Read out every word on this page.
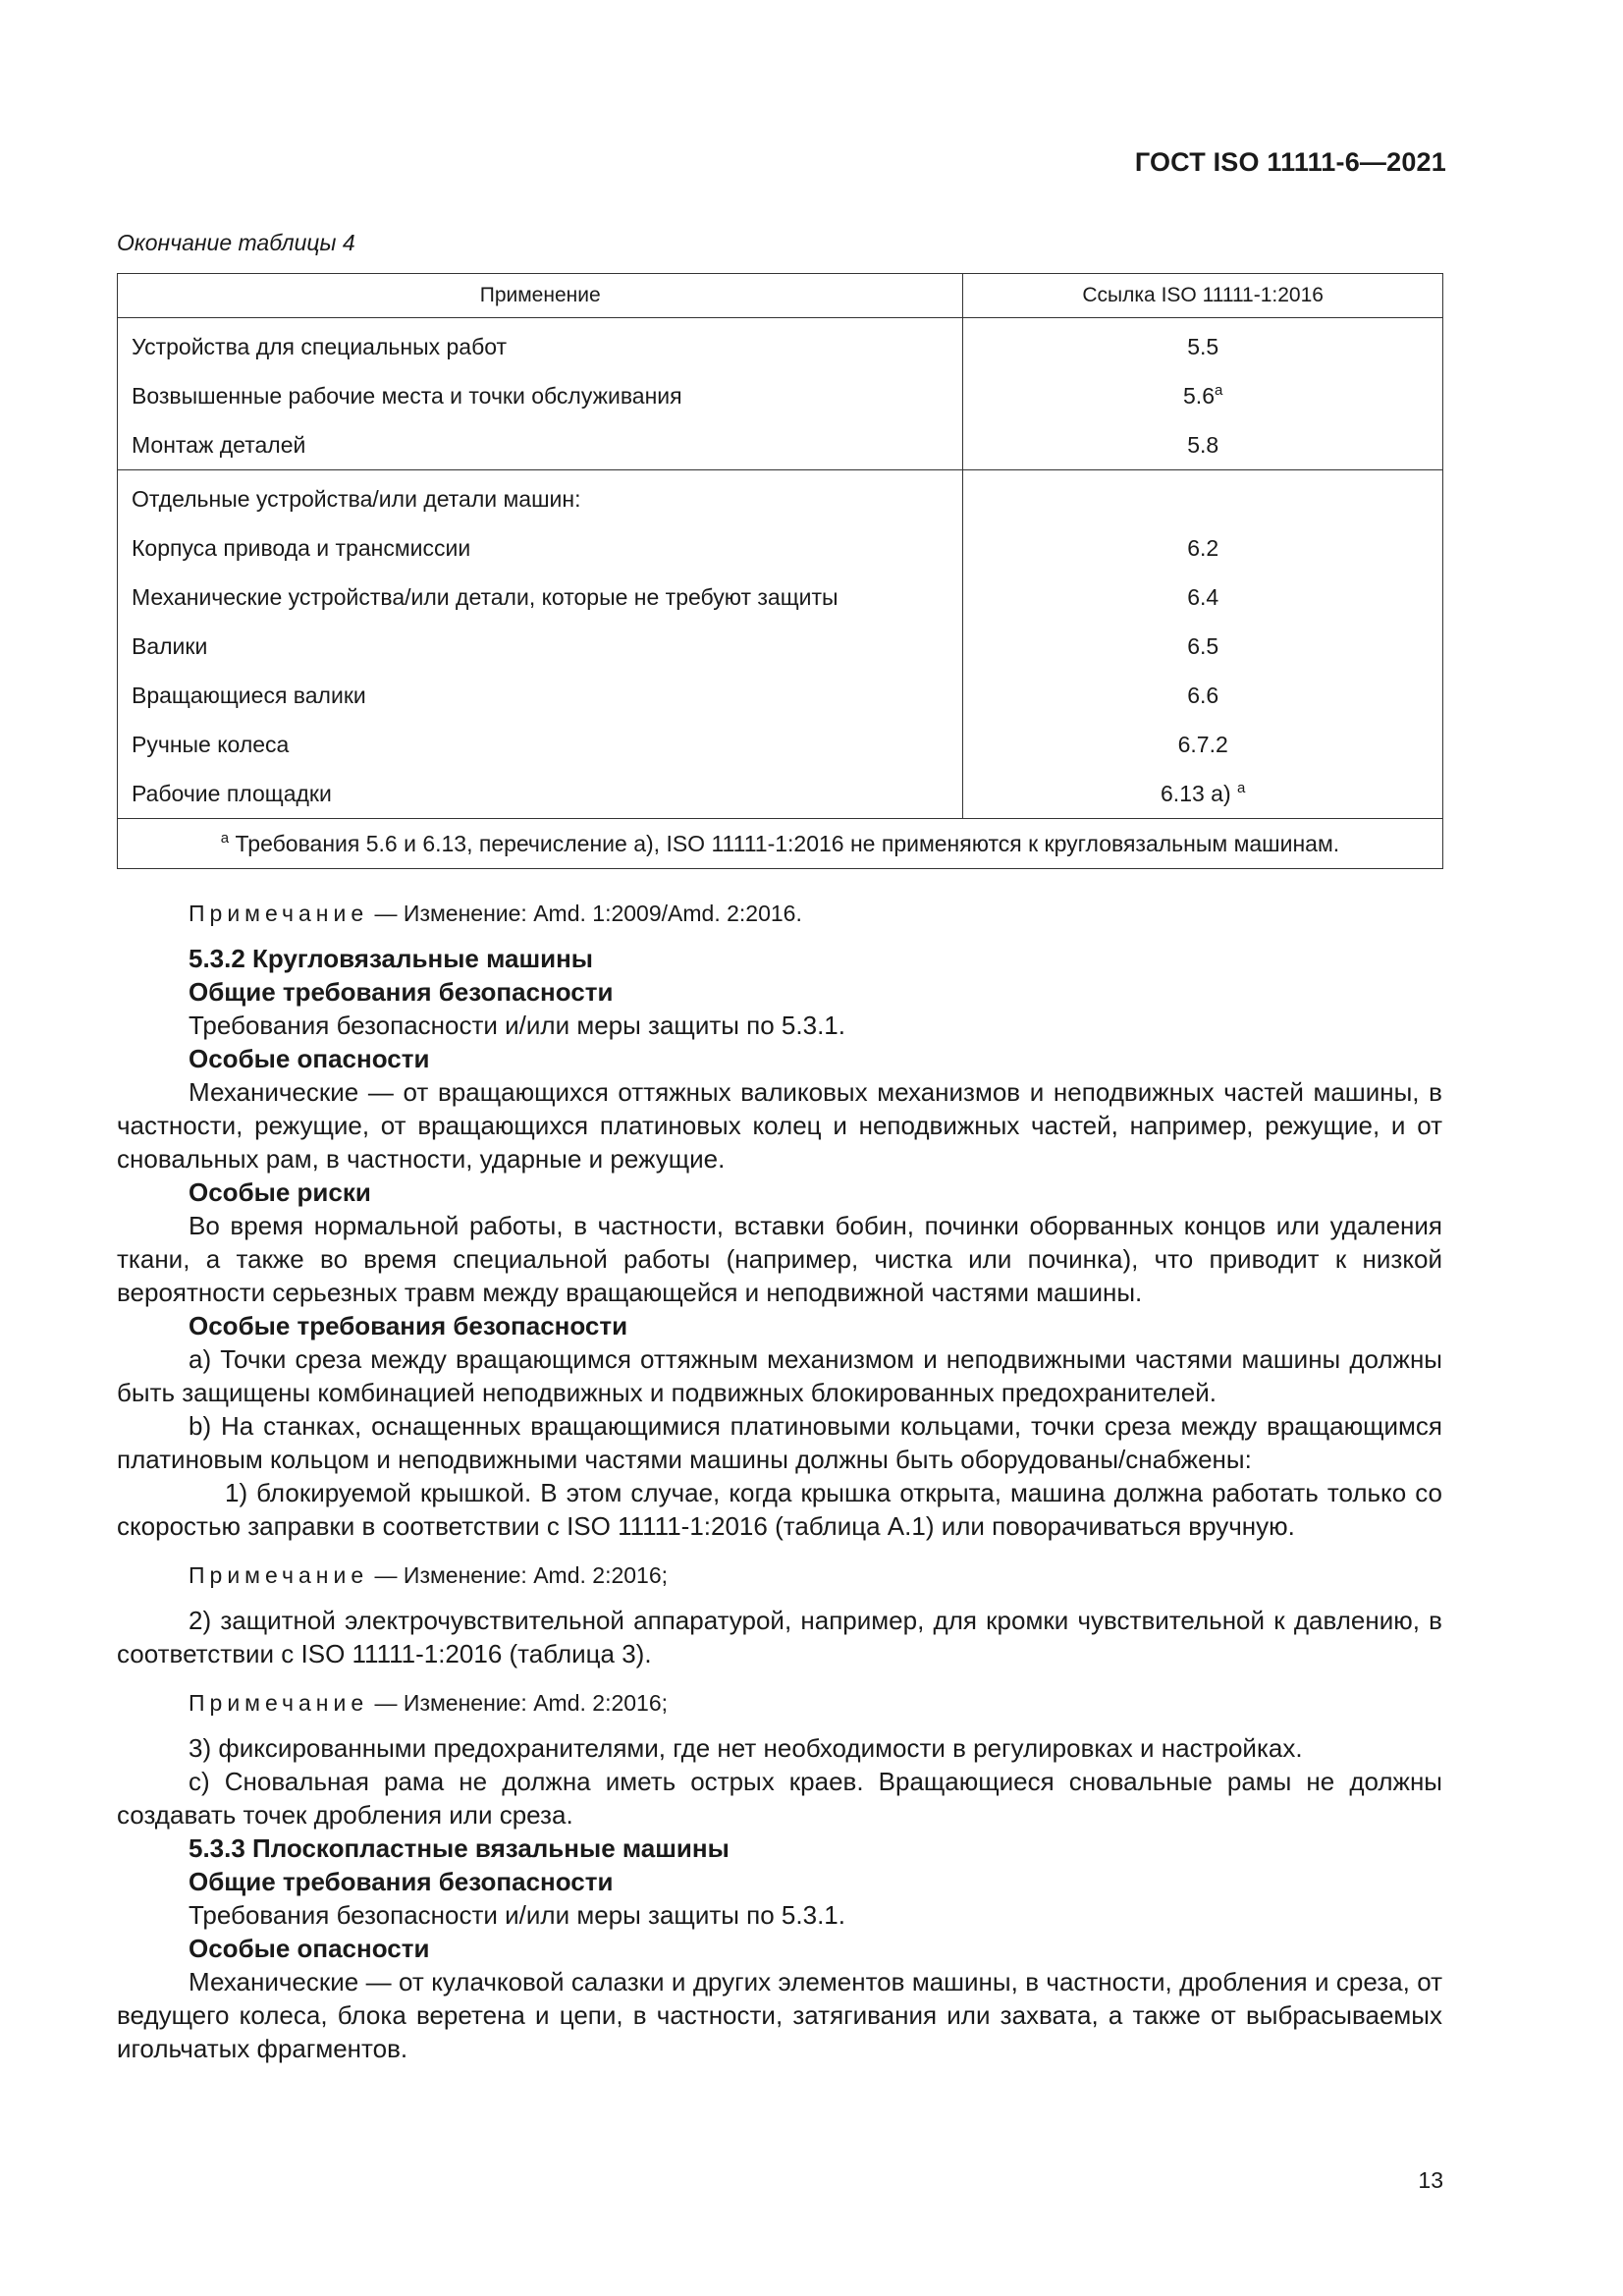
ГОСТ ISO 11111-6—2021
Окончание таблицы 4
Применение	Ссылка ISO 11111-1:2016
Устройства для специальных работ	5.5
Возвышенные рабочие места и точки обслуживания	5.6$^a$
Монтаж деталей	5.8
Отдельные устройства/или детали машин:	
Корпуса привода и трансмиссии	6.2
Механические устройства/или детали, которые не требуют защиты	6.4
Валики	6.5
Вращающиеся валики	6.6
Ручные колеса	6.7.2
Рабочие площадки	6.13 a) $^a$
$^a$ Требования 5.6 и 6.13, перечисление a), ISO 11111-1:2016 не применяются к кругловязальным машинам.	

Примечание — Изменение: Amd. 1:2009/Amd. 2:2016.

5.3.2 Кругловязальные машины

Общие требования безопасности

Требования безопасности и/или меры защиты по 5.3.1.

Особые опасности

Механические — от вращающихся оттяжных валиковых механизмов и неподвижных частей машины, в частности, режущие, от вращающихся платиновых колец и неподвижных частей, например, режущие, и от сновальных рам, в частности, ударные и режущие.

Особые риски

Во время нормальной работы, в частности, вставки бобин, починки оборванных концов или удаления ткани, а также во время специальной работы (например, чистка или починка), что приводит к низкой вероятности серьезных травм между вращающейся и неподвижной частями машины.

Особые требования безопасности

a) Точки среза между вращающимся оттяжным механизмом и неподвижными частями машины должны быть защищены комбинацией неподвижных и подвижных блокированных предохранителей.

b) На станках, оснащенных вращающимися платиновыми кольцами, точки среза между вращающимся платиновым кольцом и неподвижными частями машины должны быть оборудованы/снабжены:

1) блокируемой крышкой. В этом случае, когда крышка открыта, машина должна работать только со скоростью заправки в соответствии с ISO 11111-1:2016 (таблица A.1) или поворачиваться вручную.

Примечание — Изменение: Amd. 2:2016;

2) защитной электрочувствительной аппаратурой, например, для кромки чувствительной к давлению, в соответствии с ISO 11111-1:2016 (таблица 3).

Примечание — Изменение: Amd. 2:2016;

3) фиксированными предохранителями, где нет необходимости в регулировках и настройках.

c) Сновальная рама не должна иметь острых краев. Вращающиеся сновальные рамы не должны создавать точек дробления или среза.

5.3.3 Плоскопластные вязальные машины

Общие требования безопасности

Требования безопасности и/или меры защиты по 5.3.1.

Особые опасности

Механические — от кулачковой салазки и других элементов машины, в частности, дробления и среза, от ведущего колеса, блока веретена и цепи, в частности, затягивания или захвата, а также от выбрасываемых игольчатых фрагментов.

13
